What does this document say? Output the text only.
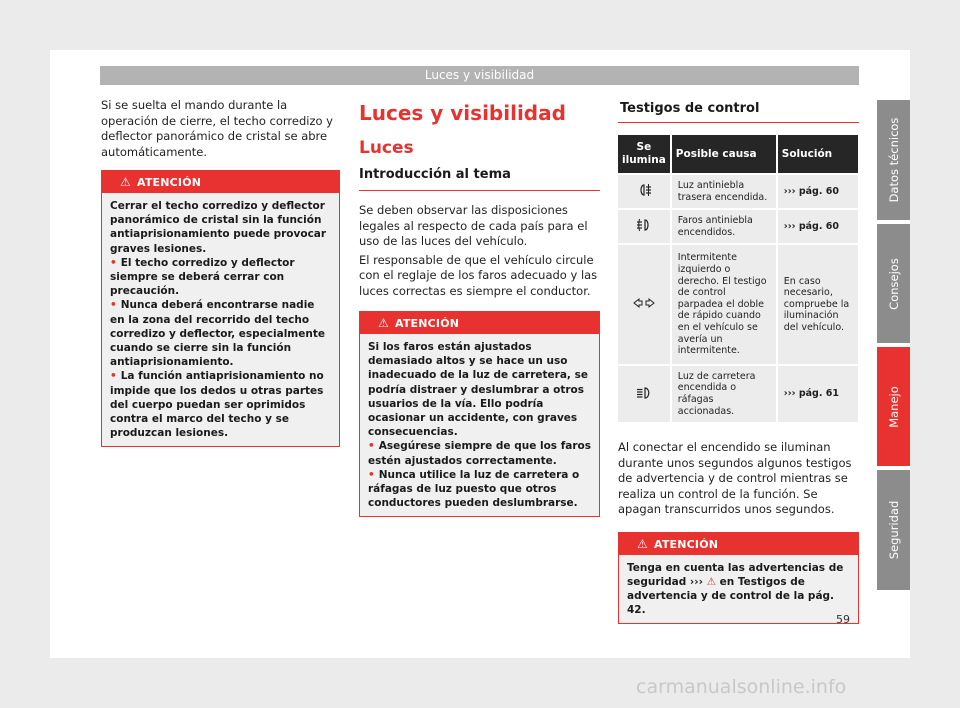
Luces y visibilidad

Si se suelta el mando durante la operación de cierre, el techo corredizo y deflector panorámico de cristal se abre automáticamente.

⚠ ATENCIÓN

Cerrar el techo corredizo y deflector panorámico de cristal sin la función antiaprisionamiento puede provocar graves lesiones.

• El techo corredizo y deflector siempre se deberá cerrar con precaución.

• Nunca deberá encontrarse nadie en la zona del recorrido del techo corredizo y deflector, especialmente cuando se cierre sin la función antiaprisionamiento.

• La función antiaprisionamiento no impide que los dedos u otras partes del cuerpo puedan ser oprimidos contra el marco del techo y se produzcan lesiones.

Luces y visibilidad
Luces
Introducción al tema

Se deben observar las disposiciones legales al respecto de cada país para el uso de las luces del vehículo.

El responsable de que el vehículo circule con el reglaje de los faros adecuado y las luces correctas es siempre el conductor.

⚠ ATENCIÓN

Si los faros están ajustados demasiado altos y se hace un uso inadecuado de la luz de carretera, se podría distraer y deslumbrar a otros usuarios de la vía. Ello podría ocasionar un accidente, con graves consecuencias.

• Asegúrese siempre de que los faros estén ajustados correctamente.

• Nunca utilice la luz de carretera o ráfagas de luz puesto que otros conductores pueden deslumbrarse.

Testigos de control
Se ilumina	Posible causa	Solución
	Luz antiniebla trasera encendida.	››› pág. 60
	Faros antiniebla encendidos.	››› pág. 60
	Intermitente izquierdo o derecho. El testigo de control parpadea el doble de rápido cuando en el vehículo se avería un intermitente.	En caso necesario, compruebe la iluminación del vehículo.
	Luz de carretera encendida o ráfagas accionadas.	››› pág. 61

Al conectar el encendido se iluminan durante unos segundos algunos testigos de advertencia y de control mientras se realiza un control de la función. Se apagan transcurridos unos segundos.

⚠ ATENCIÓN

Tenga en cuenta las advertencias de seguridad ››› ⚠ en Testigos de advertencia y de control de la pág. 42.

Datos técnicos
Consejos
Manejo
Seguridad
59
carmanualsonline.info
